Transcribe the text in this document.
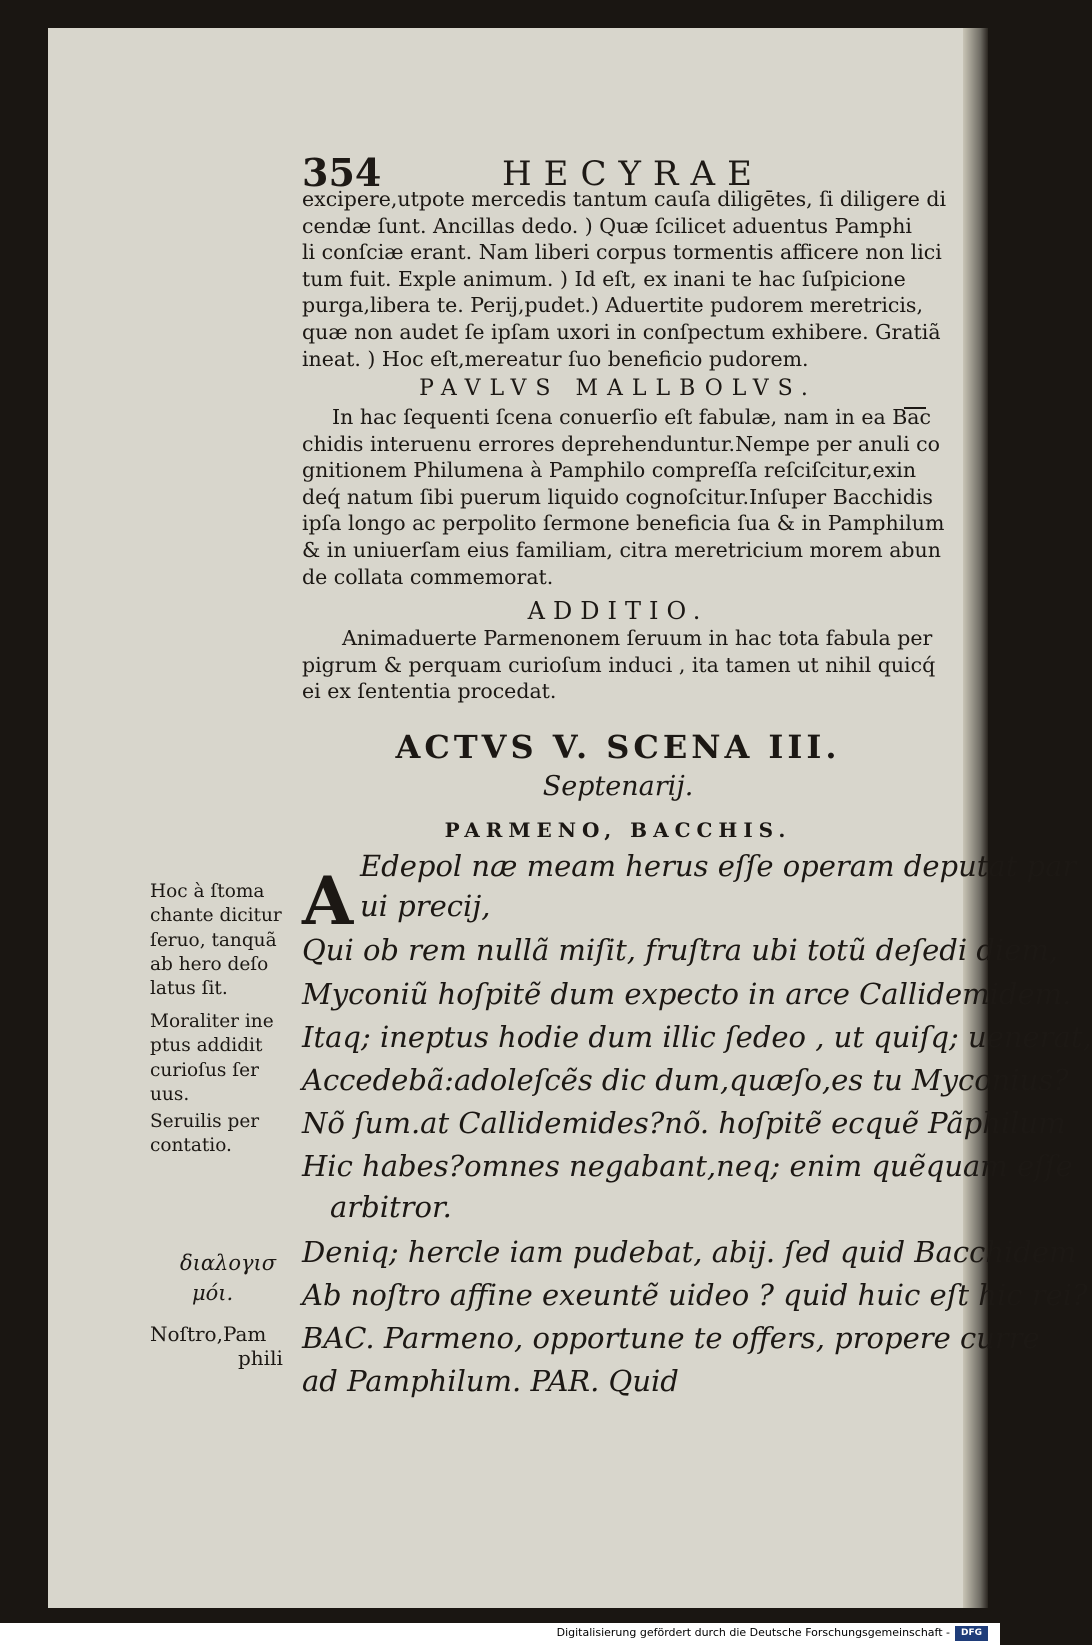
354	HECYRAE
excipere,utpote mercedis tantum cauſa diligētes, ſi diligere di
cendæ ſunt. Ancillas dedo. ) Quæ ſcilicet aduentus Pamphi
li conſciæ erant. Nam liberi corpus tormentis afficere non lici
tum fuit. Exple animum. ) Id eſt, ex inani te hac ſuſpicione
purga,libera te. Perij,pudet.) Aduertite pudorem meretricis,
quæ non audet ſe ipſam uxori in conſpectum exhibere. Gratiã
ineat. ) Hoc eſt,mereatur ſuo beneficio pudorem.
PAVLVS MALLBOLVS.
In hac ſequenti ſcena conuerſio eſt fabulæ, nam in ea Bac
chidis interuenu errores deprehenduntur.Nempe per anuli co
gnitionem Philumena à Pamphilo compreſſa reſciſcitur,exin
deq́ natum ſibi puerum liquido cognoſcitur.Inſuper Bacchidis
ipſa longo ac perpolito ſermone beneficia ſua & in Pamphilum
& in uniuerſam eius familiam, citra meretricium morem abun
de collata commemorat.
ADDITIO.
Animaduerte Parmenonem ſeruum in hac tota fabula per
pigrum & perquam curioſum induci , ita tamen ut nihil quicq́
ei ex ſententia procedat.
ACTVS V. SCENA III.
Septenarij.
PARMENO, BACCHIS.
A Edepol næ meam herus eſſe operam deputat par
ui precij,
Qui ob rem nullã miſit, fruſtra ubi totũ deſedi diem,
Myconiũ hoſpitẽ dum expecto in arce Callidemidem.
Itaq; ineptus hodie dum illic ſedeo , ut quiſq; uenerat,
Accedebã:adoleſcẽs dic dum,quæſo,es tu Myconius?
Nõ ſum.at Callidemides?nõ. hoſpitẽ ecquẽ Pãphilum
Hic habes?omnes negabant,neq; enim quẽquam eſſe
arbitror.
Deniq; hercle iam pudebat, abij. ſed quid Bacchidem
Ab noſtro affine exeuntẽ uideo ? quid huic eſt hic rei?
BAC. Parmeno, opportune te offers, propere curre
ad Pamphilum. PAR. Quid
Hoc à ſtoma
chante dicitur
ſeruo, tanquã
ab hero deſo
latus ſit.
Moraliter ine
ptus addidit
curioſus ſer
uus.
Seruilis per
contatio.
διαλογισ
μόι.
Noſtro,Pam
phili
Digitalisierung gefördert durch die Deutsche Forschungsgemeinschaft -	DFG
